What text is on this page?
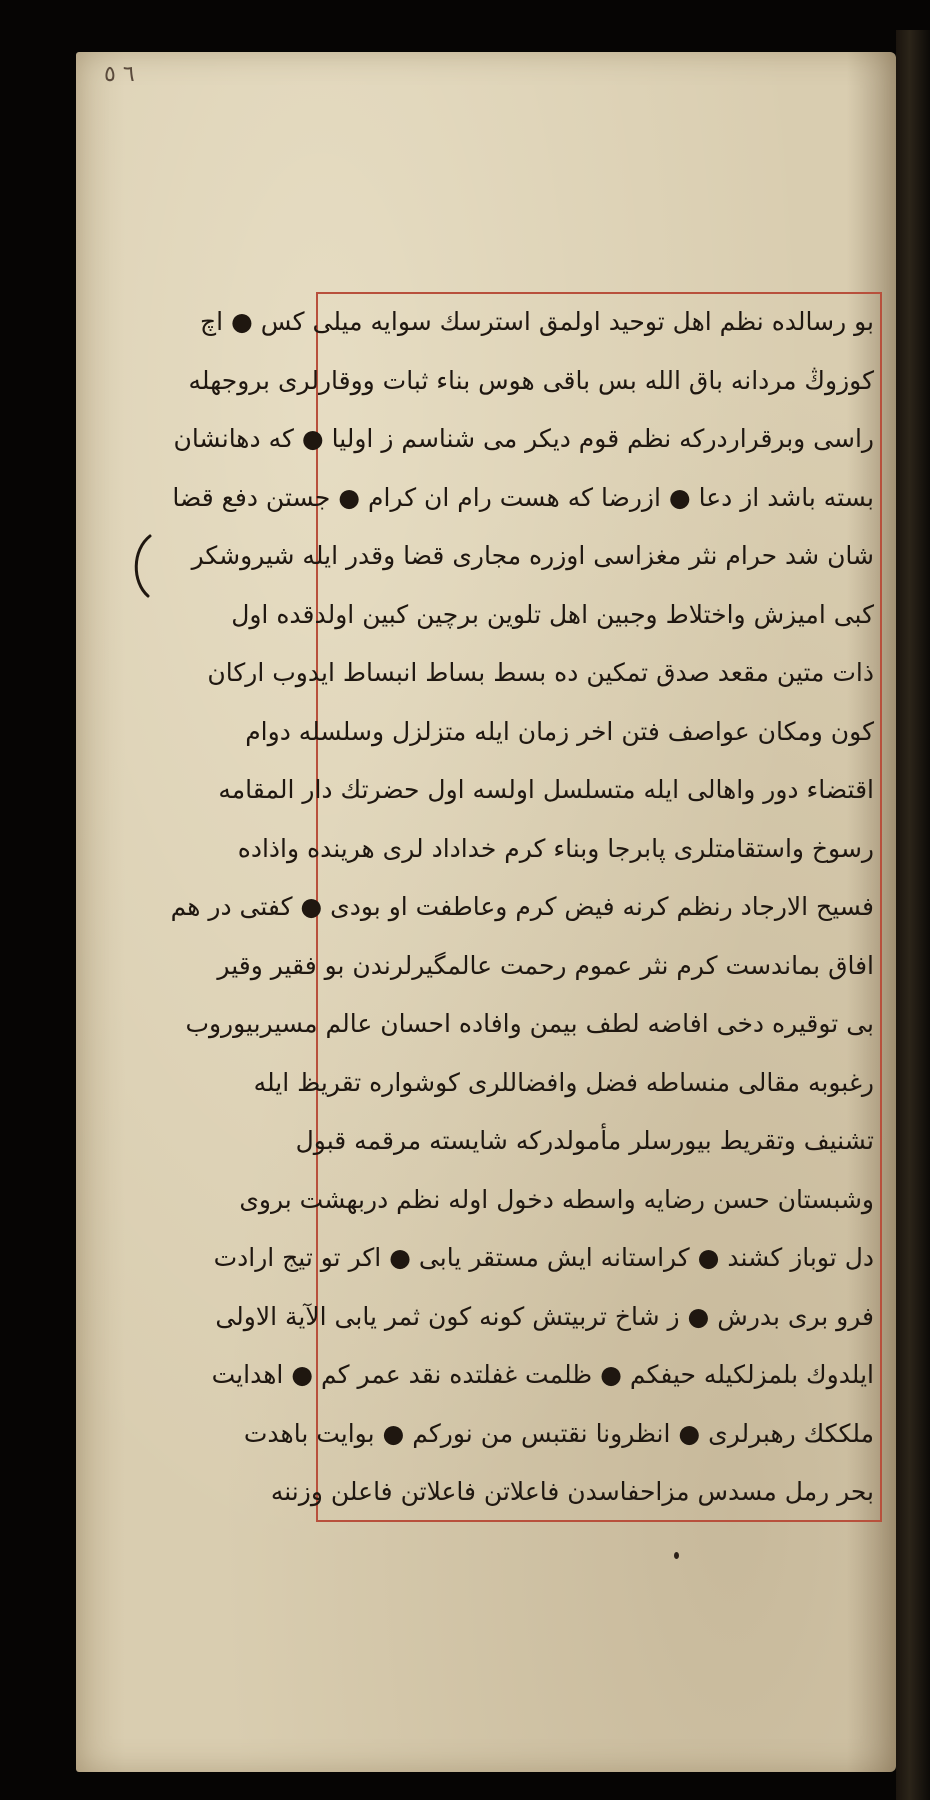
٦ ٥
بو رسالده نظم اهل توحید اولمق استرسك سوایه میلی كس ● اچ
كوزوڭ مردانه باق الله بس باقی هوس بناء ثبات ووقارلری بروجهله
راسی وبرقراردركه نظم قوم دیكر می شناسم ز اولیا ● كه دهانشان
بسته باشد از دعا ● ازرضا كه هست رام ان كرام ● جستن دفع قضا
شان شد حرام نثر مغزاسی اوزره مجاری قضا وقدر ایله شیروشكر
كبی امیزش واختلاط وجبین اهل تلوین برچین كبین اولدقده اول
ذات متین مقعد صدق تمكین ده بسط بساط انبساط ایدوب اركان
كون ومكان عواصف فتن اخر زمان ایله متزلزل وسلسله دوام
اقتضاء دور واهالی ایله متسلسل اولسه اول حضرتك دار المقامه
رسوخ واستقامتلری پابرجا وبناء كرم خداداد لری هرینده واذاده
فسیح الارجاد رنظم كرنه فیض كرم وعاطفت او بودی ● كفتی در هم
افاق بماندست كرم نثر عموم رحمت عالمگیرلرندن بو فقیر وقیر
بی توقیره دخی افاضه لطف بیمن وافاده احسان عالم مسیربیوروب
رغبوبه مقالی منساطه فضل وافضاللری كوشواره تقریظ ایله
تشنیف وتقریط بیورسلر مأمولدركه شایسته مرقمه قبول
وشبستان حسن رضایه واسطه دخول اوله نظم دربهشت بروی
دل توباز كشند ● كراستانه ایش مستقر یابی ● اكر تو تیج ارادت
فرو بری بدرش ● ز شاخ تربیتش كونه كون ثمر یابی الآیة الاولی
ایلدوك بلمزلكیله حیفكم ● ظلمت غفلتده نقد عمر كم ● اهدایت
ملككك رهبرلری ● انظرونا نقتبس من نوركم ● بوایت باهدت
بحر رمل مسدس مزاحفاسدن فاعلاتن فاعلاتن فاعلن وزننه
